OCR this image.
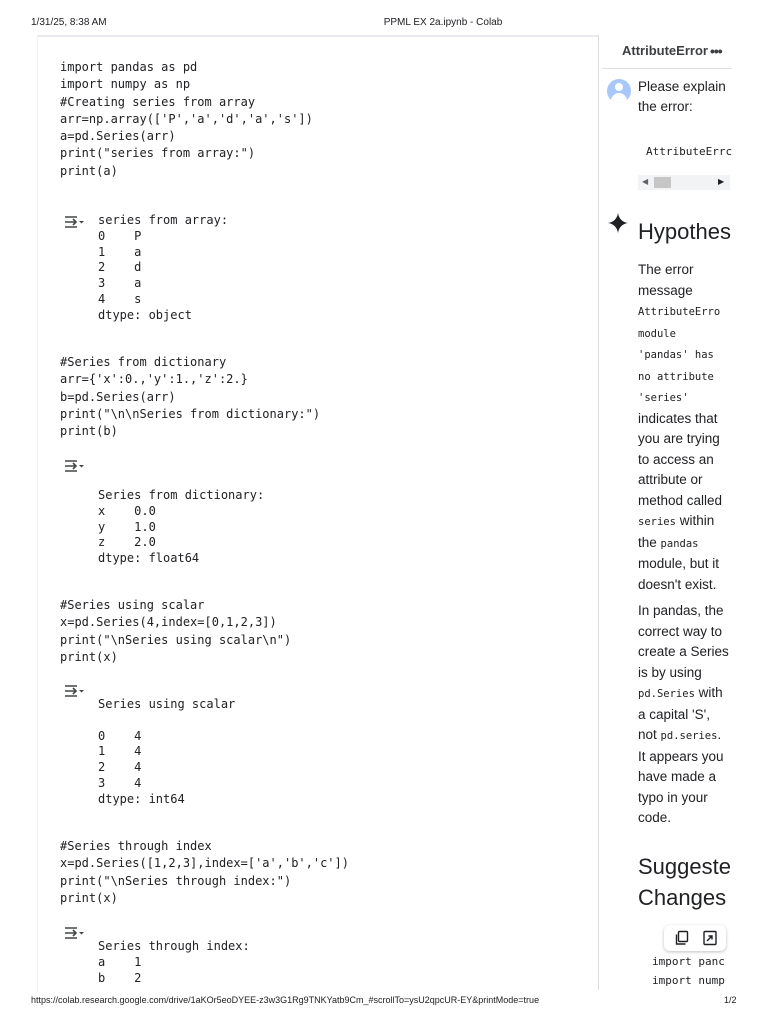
1/31/25, 8:38 AM	PPML EX 2a.ipynb - Colab
import pandas as pd
import numpy as np
#Creating series from array
arr=np.array(['P','a','d','a','s'])
a=pd.Series(arr)
print("series from array:")
print(a)
series from array:
0    P
1    a
2    d
3    a
4    s
dtype: object
#Series from dictionary
arr={'x':0.,'y':1.,'z':2.}
b=pd.Series(arr)
print("\n\nSeries from dictionary:")
print(b)
Series from dictionary:
x    0.0
y    1.0
z    2.0
dtype: float64
#Series using scalar
x=pd.Series(4,index=[0,1,2,3])
print("\nSeries using scalar\n")
print(x)
Series using scalar

0    4
1    4
2    4
3    4
dtype: int64
#Series through index
x=pd.Series([1,2,3],index=['a','b','c'])
print("\nSeries through index:")
print(x)
Series through index:
a    1
b    2
AttributeError •••
Please explain the error:
AttributeErrc
◀	▶
Hypothes

The error message
AttributeErro
module
'pandas' has
no attribute
'series' indicates that you are trying to access an attribute or method called series within the pandas module, but it doesn't exist.

In pandas, the correct way to create a Series is by using pd.Series with a capital 'S', not pd.series. It appears you have made a typo in your code.

Suggeste
Changes
import panc
import nump
https://colab.research.google.com/drive/1aKOr5eoDYEE-z3w3G1Rg9TNKYatb9Cm_#scrollTo=ysU2qpcUR-EY&printMode=true	1/2
